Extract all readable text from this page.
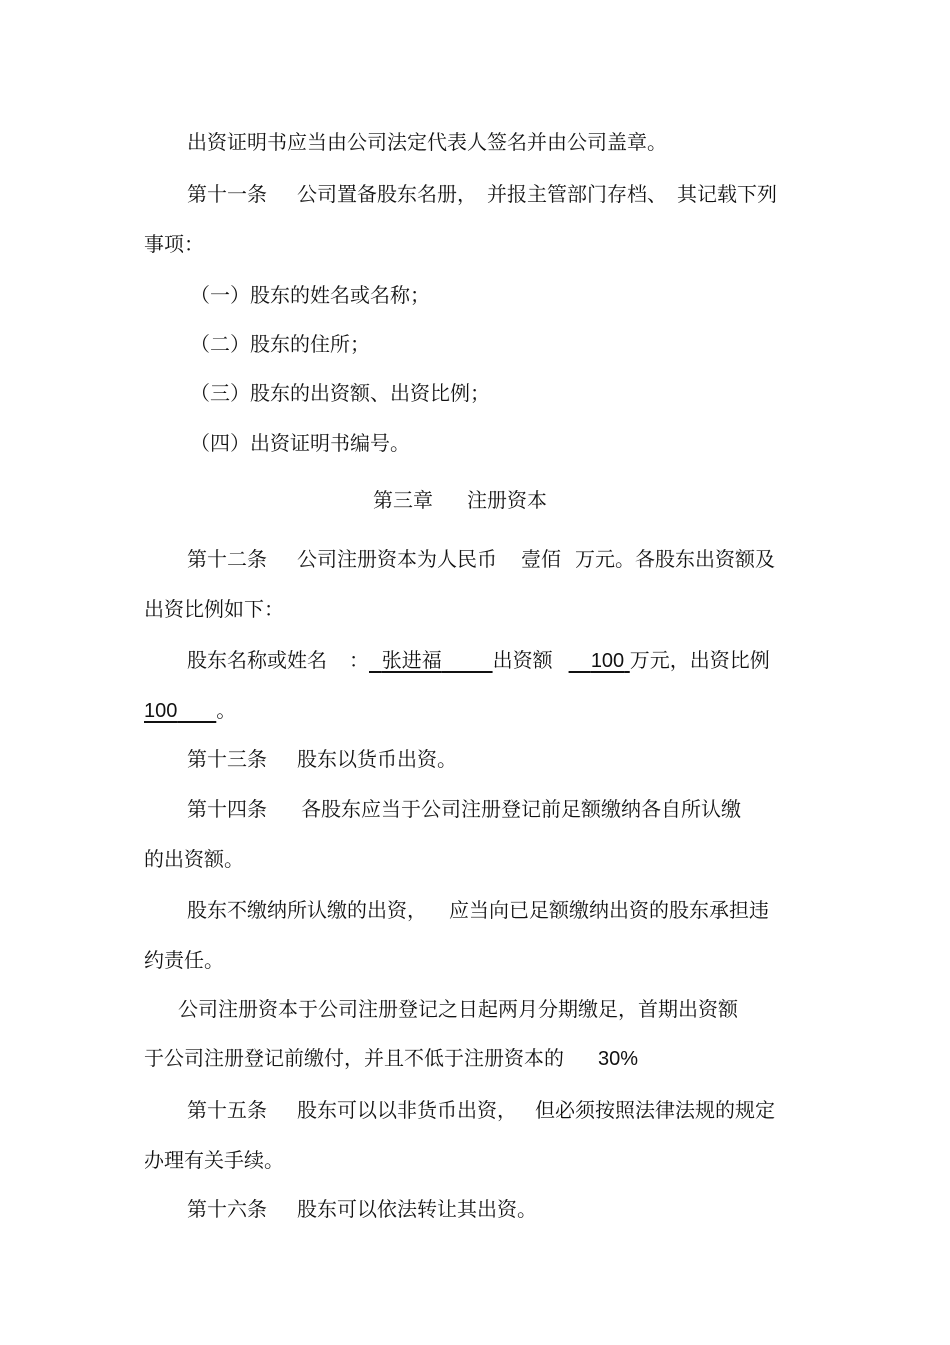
出资证明书应当由公司法定代表人签名并由公司盖章。
第十一条 公司置备股东名册， 并报主管部门存档、 其记载下列
事项：
（一）股东的姓名或名称；
（二）股东的住所；
（三）股东的出资额、出资比例；
（四）出资证明书编号。
第三章 注册资本
第十二条 公司注册资本为人民币 壹佰 万元。各股东出资额及
出资比例如下：
股东名称或姓名 ： 张进福	出资额 100 万元，出资比例
100 。
第十三条 股东以货币出资。
第十四条 各股东应当于公司注册登记前足额缴纳各自所认缴
的出资额。
股东不缴纳所认缴的出资， 应当向已足额缴纳出资的股东承担违
约责任。
公司注册资本于公司注册登记之日起两月分期缴足，首期出资额
于公司注册登记前缴付，并且不低于注册资本的 30%
第十五条 股东可以以非货币出资， 但必须按照法律法规的规定
办理有关手续。
第十六条 股东可以依法转让其出资。
